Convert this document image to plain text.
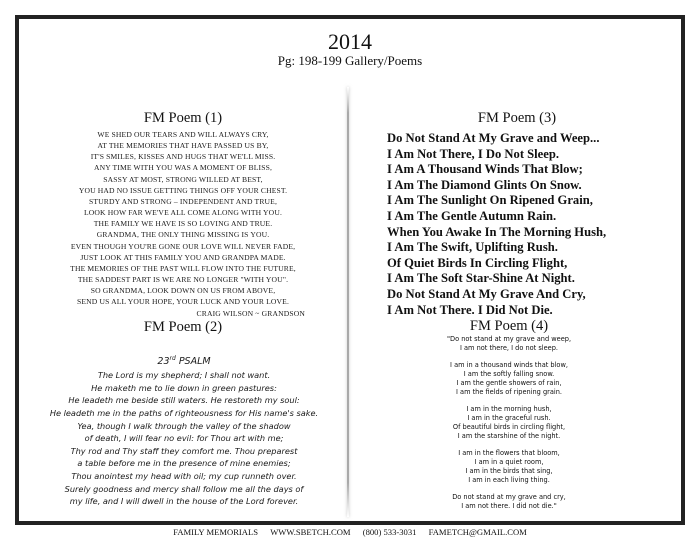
2014
Pg: 198-199 Gallery/Poems
FM Poem (1)
WE SHED OUR TEARS AND WILL ALWAYS CRY,
AT THE MEMORIES THAT HAVE PASSED US BY,
IT'S SMILES, KISSES AND HUGS THAT WE'LL MISS.
ANY TIME WITH YOU WAS A MOMENT OF BLISS,
SASSY AT MOST, STRONG WILLED AT BEST,
YOU HAD NO ISSUE GETTING THINGS OFF YOUR CHEST.
STURDY AND STRONG – INDEPENDENT AND TRUE,
LOOK HOW FAR WE'VE ALL COME ALONG WITH YOU.
THE FAMILY WE HAVE IS SO LOVING AND TRUE.
GRANDMA, THE ONLY THING MISSING IS YOU.
EVEN THOUGH YOU'RE GONE OUR LOVE WILL NEVER FADE,
JUST LOOK AT THIS FAMILY YOU AND GRANDPA MADE.
THE MEMORIES OF THE PAST WILL FLOW INTO THE FUTURE,
THE SADDEST PART IS WE ARE NO LONGER "WITH YOU".
SO GRANDMA, LOOK DOWN ON US FROM ABOVE,
SEND US ALL YOUR HOPE, YOUR LUCK AND YOUR LOVE.
CRAIG WILSON ~ GRANDSON
FM Poem (2)
23rd PSALM
The Lord is my shepherd; I shall not want.
He maketh me to lie down in green pastures:
He leadeth me beside still waters. He restoreth my soul:
He leadeth me in the paths of righteousness for His name's sake.
Yea, though I walk through the valley of the shadow
of death, I will fear no evil: for Thou art with me;
Thy rod and Thy staff they comfort me. Thou preparest
a table before me in the presence of mine enemies;
Thou anointest my head with oil; my cup runneth over.
Surely goodness and mercy shall follow me all the days of
my life, and I will dwell in the house of the Lord forever.
FM Poem (3)
Do Not Stand At My Grave and Weep...
I Am Not There, I Do Not Sleep.
I Am A Thousand Winds That Blow;
I Am The Diamond Glints On Snow.
I Am The Sunlight On Ripened Grain,
I Am The Gentle Autumn Rain.
When You Awake In The Morning Hush,
I Am The Swift, Uplifting Rush.
Of Quiet Birds In Circling Flight,
I Am The Soft Star-Shine At Night.
Do Not Stand At My Grave And Cry,
I Am Not There. I Did Not Die.
FM Poem (4)
"Do not stand at my grave and weep,
I am not there, I do not sleep.
I am in a thousand winds that blow,
I am the softly falling snow.
I am the gentle showers of rain,
I am the fields of ripening grain.
I am in the morning hush,
I am in the graceful rush.
Of beautiful birds in circling flight,
I am the starshine of the night.
I am in the flowers that bloom,
I am in a quiet room,
I am in the birds that sing,
I am in each living thing.
Do not stand at my grave and cry,
I am not there. I did not die."
FAMILY MEMORIALS WWW.SBETCH.COM (800) 533-3031 FAMETCH@GMAIL.COM
